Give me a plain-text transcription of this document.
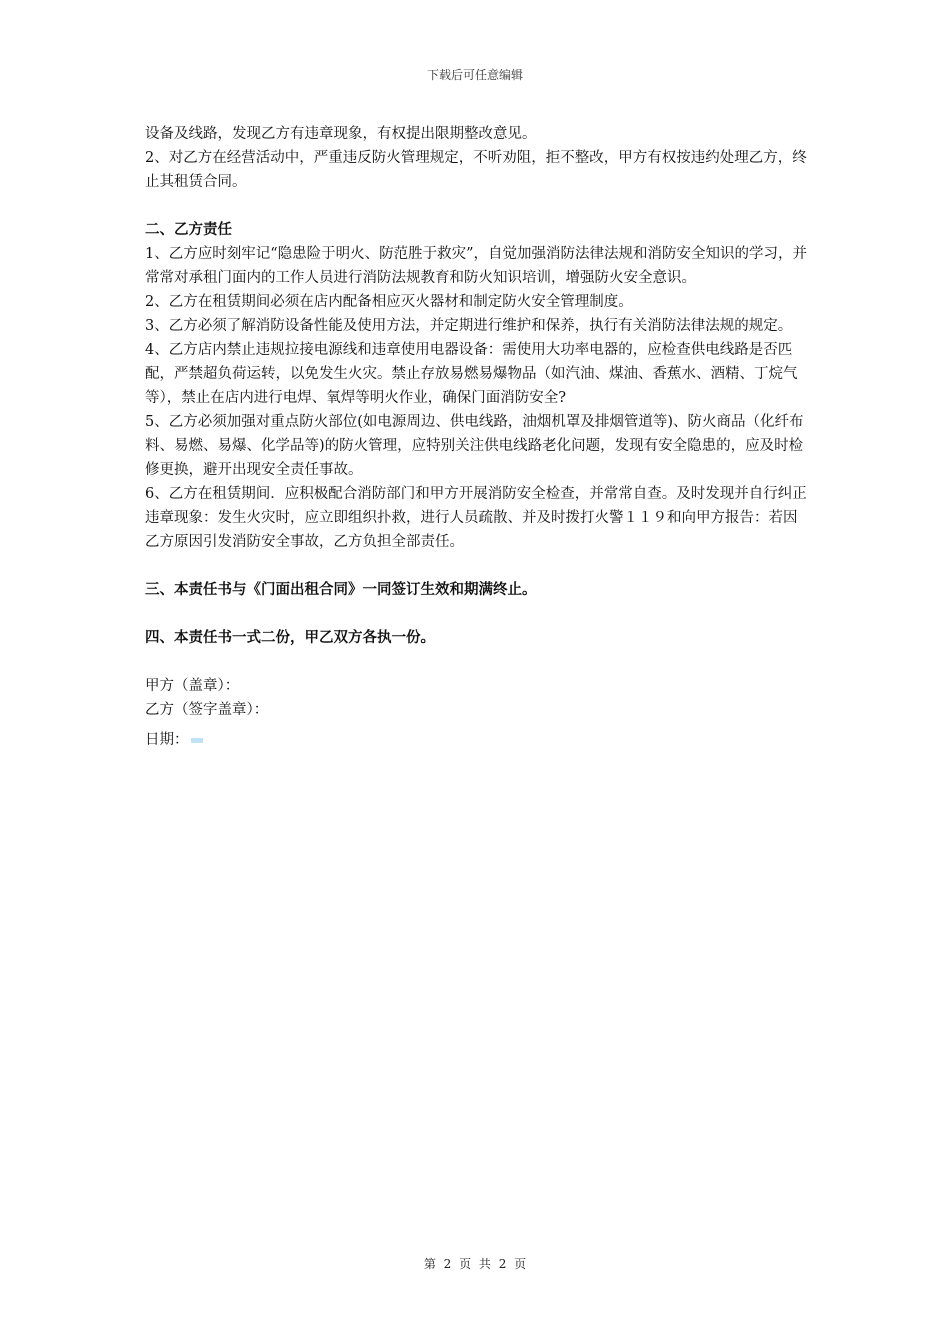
下载后可任意编辑

设备及线路，发现乙方有违章现象，有权提出限期整改意见。

2、对乙方在经营活动中，严重违反防火管理规定，不听劝阻，拒不整改，甲方有权按违约处理乙方，终止其租赁合同。

二、乙方责任

1、乙方应时刻牢记“隐患险于明火、防范胜于救灾”，自觉加强消防法律法规和消防安全知识的学习，并常常对承租门面内的工作人员进行消防法规教育和防火知识培训，增强防火安全意识。

2、乙方在租赁期间必须在店内配备相应灭火器材和制定防火安全管理制度。

3、乙方必须了解消防设备性能及使用方法，并定期进行维护和保养，执行有关消防法律法规的规定。

4、乙方店内禁止违规拉接电源线和违章使用电器设备：需使用大功率电器的，应检查供电线路是否匹配，严禁超负荷运转，以免发生火灾。禁止存放易燃易爆物品（如汽油、煤油、香蕉水、酒精、丁烷气等），禁止在店内进行电焊、氧焊等明火作业，确保门面消防安全?

5、乙方必须加强对重点防火部位(如电源周边、供电线路，油烟机罩及排烟管道等)、防火商品（化纤布料、易燃、易爆、化学品等)的防火管理，应特别关注供电线路老化问题，发现有安全隐患的，应及时检修更换，避开出现安全责任事故。

6、乙方在租赁期间．应积极配合消防部门和甲方开展消防安全检查，并常常自查。及时发现并自行纠正违章现象：发生火灾时，应立即组织扑救，进行人员疏散、并及时拨打火警１１９和向甲方报告：若因乙方原因引发消防安全事故，乙方负担全部责任。

三、本责任书与《门面出租合同》一同签订生效和期满终止。

四、本责任书一式二份，甲乙双方各执一份。

甲方（盖章）：

乙方（签字盖章）：

日期：

第 2 页 共 2 页
